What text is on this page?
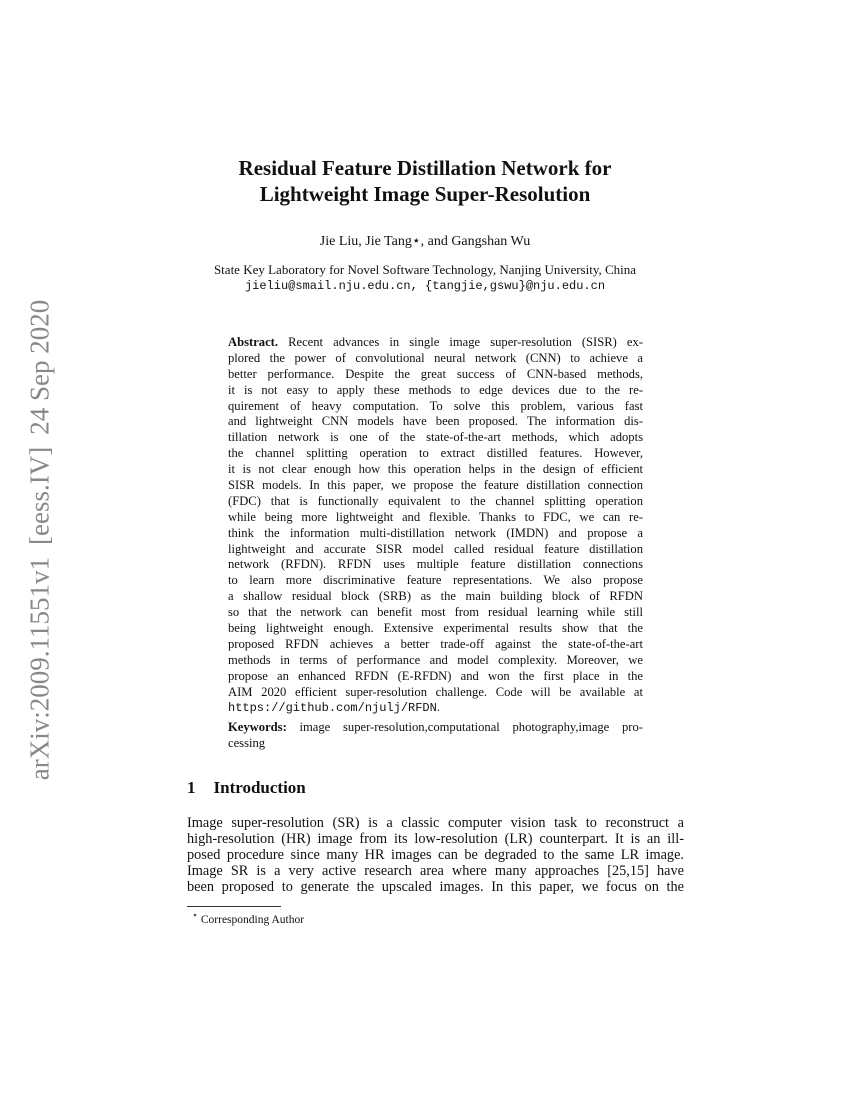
arXiv:2009.11551v1[eess.IV]24 Sep 2020
Residual Feature Distillation Network for
Lightweight Image Super-Resolution
Jie Liu, Jie Tang⋆, and Gangshan Wu
State Key Laboratory for Novel Software Technology, Nanjing University, China
jieliu@smail.nju.edu.cn, {tangjie,gswu}@nju.edu.cn
Abstract. Recent advances in single image super-resolution (SISR) ex-
plored the power of convolutional neural network (CNN) to achieve a
better performance. Despite the great success of CNN-based methods,
it is not easy to apply these methods to edge devices due to the re-
quirement of heavy computation. To solve this problem, various fast
and lightweight CNN models have been proposed. The information dis-
tillation network is one of the state-of-the-art methods, which adopts
the channel splitting operation to extract distilled features. However,
it is not clear enough how this operation helps in the design of efficient
SISR models. In this paper, we propose the feature distillation connection
(FDC) that is functionally equivalent to the channel splitting operation
while being more lightweight and flexible. Thanks to FDC, we can re-
think the information multi-distillation network (IMDN) and propose a
lightweight and accurate SISR model called residual feature distillation
network (RFDN). RFDN uses multiple feature distillation connections
to learn more discriminative feature representations. We also propose
a shallow residual block (SRB) as the main building block of RFDN
so that the network can benefit most from residual learning while still
being lightweight enough. Extensive experimental results show that the
proposed RFDN achieves a better trade-off against the state-of-the-art
methods in terms of performance and model complexity. Moreover, we
propose an enhanced RFDN (E-RFDN) and won the first place in the
AIM 2020 efficient super-resolution challenge. Code will be available at
https://github.com/njulj/RFDN.
Keywords: image super-resolution,computational photography,image pro-
cessing
1 Introduction
Image super-resolution (SR) is a classic computer vision task to reconstruct a
high-resolution (HR) image from its low-resolution (LR) counterpart. It is an ill-
posed procedure since many HR images can be degraded to the same LR image.
Image SR is a very active research area where many approaches [25,15] have
been proposed to generate the upscaled images. In this paper, we focus on the
⋆ Corresponding Author
